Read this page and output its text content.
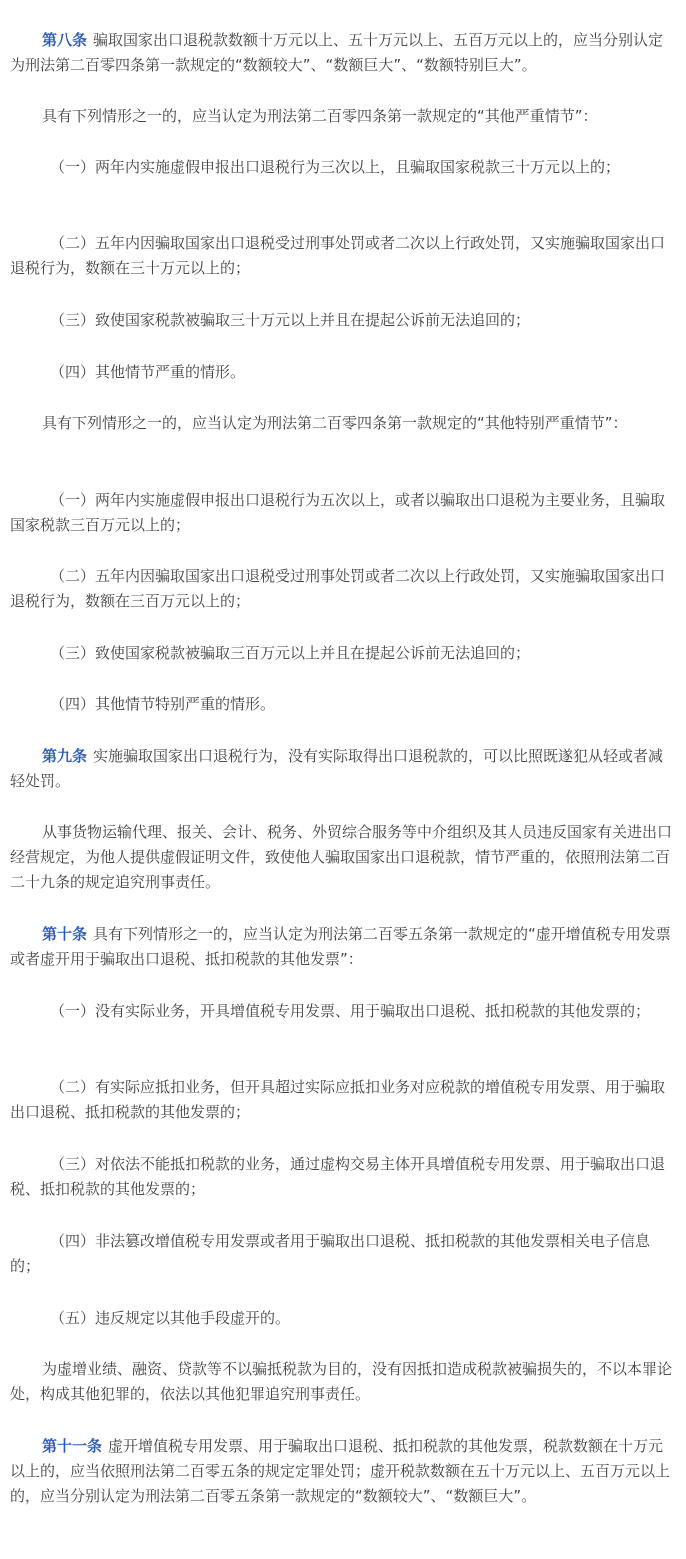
第八条 骗取国家出口退税款数额十万元以上、五十万元以上、五百万元以上的，应当分别认定为刑法第二百零四条第一款规定的“数额较大”、“数额巨大”、“数额特别巨大”。

具有下列情形之一的，应当认定为刑法第二百零四条第一款规定的“其他严重情节”：

（一）两年内实施虚假申报出口退税行为三次以上，且骗取国家税款三十万元以上的；

（二）五年内因骗取国家出口退税受过刑事处罚或者二次以上行政处罚，又实施骗取国家出口退税行为，数额在三十万元以上的；

（三）致使国家税款被骗取三十万元以上并且在提起公诉前无法追回的；

（四）其他情节严重的情形。

具有下列情形之一的，应当认定为刑法第二百零四条第一款规定的“其他特别严重情节”：

（一）两年内实施虚假申报出口退税行为五次以上，或者以骗取出口退税为主要业务，且骗取国家税款三百万元以上的；

（二）五年内因骗取国家出口退税受过刑事处罚或者二次以上行政处罚，又实施骗取国家出口退税行为，数额在三百万元以上的；

（三）致使国家税款被骗取三百万元以上并且在提起公诉前无法追回的；

（四）其他情节特别严重的情形。

第九条 实施骗取国家出口退税行为，没有实际取得出口退税款的，可以比照既遂犯从轻或者减轻处罚。

从事货物运输代理、报关、会计、税务、外贸综合服务等中介组织及其人员违反国家有关进出口经营规定，为他人提供虚假证明文件，致使他人骗取国家出口退税款，情节严重的，依照刑法第二百二十九条的规定追究刑事责任。

第十条 具有下列情形之一的，应当认定为刑法第二百零五条第一款规定的“虚开增值税专用发票或者虚开用于骗取出口退税、抵扣税款的其他发票”：

（一）没有实际业务，开具增值税专用发票、用于骗取出口退税、抵扣税款的其他发票的；

（二）有实际应抵扣业务，但开具超过实际应抵扣业务对应税款的增值税专用发票、用于骗取出口退税、抵扣税款的其他发票的；

（三）对依法不能抵扣税款的业务，通过虚构交易主体开具增值税专用发票、用于骗取出口退税、抵扣税款的其他发票的；

（四）非法篡改增值税专用发票或者用于骗取出口退税、抵扣税款的其他发票相关电子信息的；

（五）违反规定以其他手段虚开的。

为虚增业绩、融资、贷款等不以骗抵税款为目的，没有因抵扣造成税款被骗损失的，不以本罪论处，构成其他犯罪的，依法以其他犯罪追究刑事责任。

第十一条 虚开增值税专用发票、用于骗取出口退税、抵扣税款的其他发票，税款数额在十万元以上的，应当依照刑法第二百零五条的规定定罪处罚；虚开税款数额在五十万元以上、五百万元以上的，应当分别认定为刑法第二百零五条第一款规定的“数额较大”、“数额巨大”。
